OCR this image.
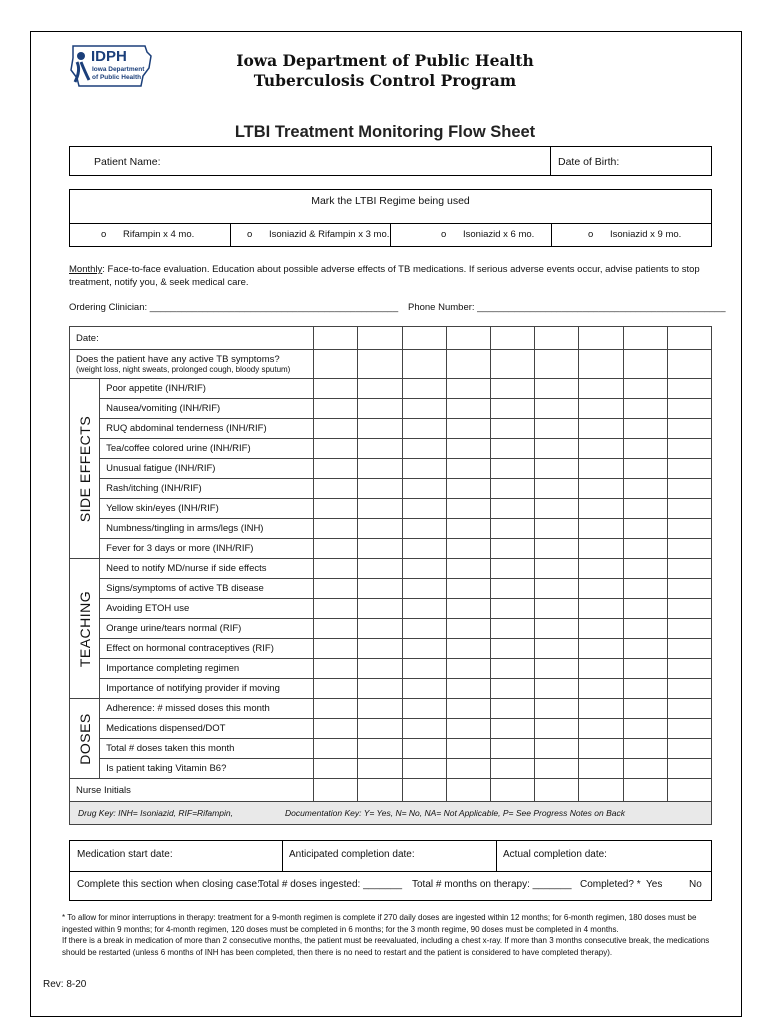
IDPH
Iowa Department
of Public Health
Iowa Department of Public Health
Tuberculosis Control Program
LTBI Treatment Monitoring Flow Sheet
Patient Name:	Date of Birth:
Mark the LTBI Regime being used
o Rifampin x 4 mo.	o Isoniazid & Rifampin x 3 mo.	o Isoniazid x 6 mo.	o Isoniazid x 9 mo.
Monthly: Face-to-face evaluation. Education about possible adverse effects of TB medications. If serious adverse events occur, advise patients to stop treatment, notify you, & seek medical care.
Ordering Clinician: _______________________________________________ Phone Number: _______________________________________________
Date:										

Does the patient have any active TB symptoms?
(weight loss, night sweats, prolonged cough, bloody sputum)										

SIDE EFFECTS	Poor appetite (INH/RIF)									
	Nausea/vomiting (INH/RIF)									
	RUQ abdominal tenderness (INH/RIF)									
	Tea/coffee colored urine (INH/RIF)									
	Unusual fatigue (INH/RIF)									
	Rash/itching (INH/RIF)									
	Yellow skin/eyes (INH/RIF)									
	Numbness/tingling in arms/legs (INH)									
	Fever for 3 days or more (INH/RIF)									

TEACHING	Need to notify MD/nurse if side effects									
	Signs/symptoms of active TB disease									
	Avoiding ETOH use									
	Orange urine/tears normal (RIF)									
	Effect on hormonal contraceptives (RIF)									
	Importance completing regimen									
	Importance of notifying provider if moving									

DOSES	Adherence: # missed doses this month									
	Medications dispensed/DOT									
	Total # doses taken this month									
	Is patient taking Vitamin B6?									
Nurse Initials										
Drug Key: INH= Isoniazid, RIF=Rifampin, Documentation Key: Y= Yes, N= No, NA= Not Applicable, P= See Progress Notes on Back										
Medication start date:	Anticipated completion date:	Actual completion date:
Complete this section when closing case:
Total # doses ingested: _______ Total # months on therapy: _______ Completed? * Yes	No
* To allow for minor interruptions in therapy: treatment for a 9-month regimen is complete if 270 daily doses are ingested within 12 months; for 6-month regimen, 180 doses must be ingested within 9 months; for 4-month regimen, 120 doses must be completed in 6 months; for the 3 month regime, 90 doses must be completed in 4 months.
If there is a break in medication of more than 2 consecutive months, the patient must be reevaluated, including a chest x-ray. If more than 3 months consecutive break, the medications should be restarted (unless 6 months of INH has been completed, then there is no need to restart and the patient is considered to have completed therapy).
Rev: 8-20
